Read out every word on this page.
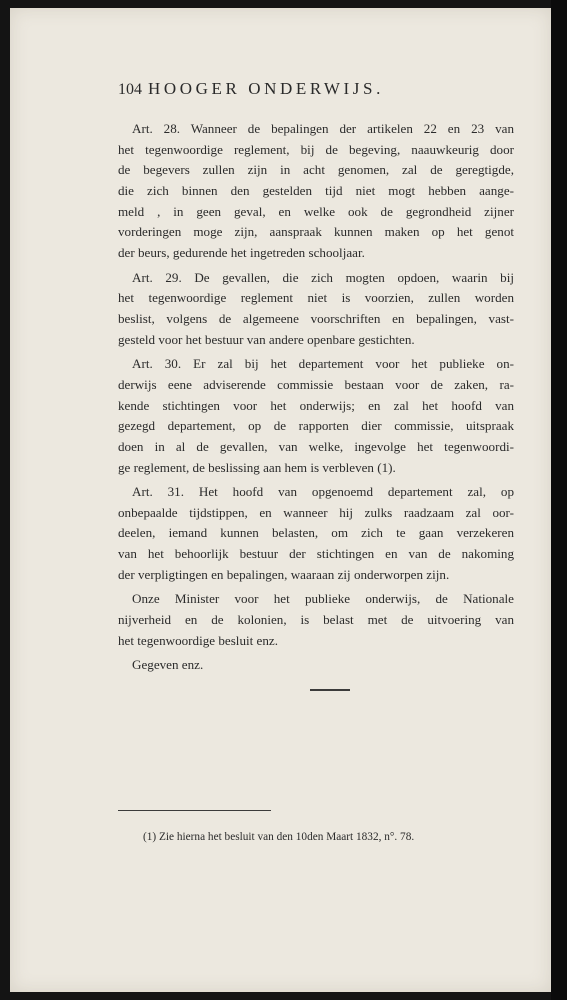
104 HOOGER ONDERWIJS.
Art. 28. Wanneer de bepalingen der artikelen 22 en 23 van
het tegenwoordige reglement, bij de begeving, naauwkeurig door
de begevers zullen zijn in acht genomen, zal de geregtigde,
die zich binnen den gestelden tijd niet mogt hebben aange-
meld , in geen geval, en welke ook de gegrondheid zijner
vorderingen moge zijn, aanspraak kunnen maken op het genot
der beurs, gedurende het ingetreden schooljaar.
Art. 29. De gevallen, die zich mogten opdoen, waarin bij
het tegenwoordige reglement niet is voorzien, zullen worden
beslist, volgens de algemeene voorschriften en bepalingen, vast-
gesteld voor het bestuur van andere openbare gestichten.
Art. 30. Er zal bij het departement voor het publieke on-
derwijs eene adviserende commissie bestaan voor de zaken, ra-
kende stichtingen voor het onderwijs; en zal het hoofd van
gezegd departement, op de rapporten dier commissie, uitspraak
doen in al de gevallen, van welke, ingevolge het tegenwoordi-
ge reglement, de beslissing aan hem is verbleven (1).
Art. 31. Het hoofd van opgenoemd departement zal, op
onbepaalde tijdstippen, en wanneer hij zulks raadzaam zal oor-
deelen, iemand kunnen belasten, om zich te gaan verzekeren
van het behoorlijk bestuur der stichtingen en van de nakoming
der verpligtingen en bepalingen, waaraan zij onderworpen zijn.
Onze Minister voor het publieke onderwijs, de Nationale
nijverheid en de kolonien, is belast met de uitvoering van
het tegenwoordige besluit enz.
Gegeven enz.
(1) Zie hierna het besluit van den 10den Maart 1832, n°. 78.
